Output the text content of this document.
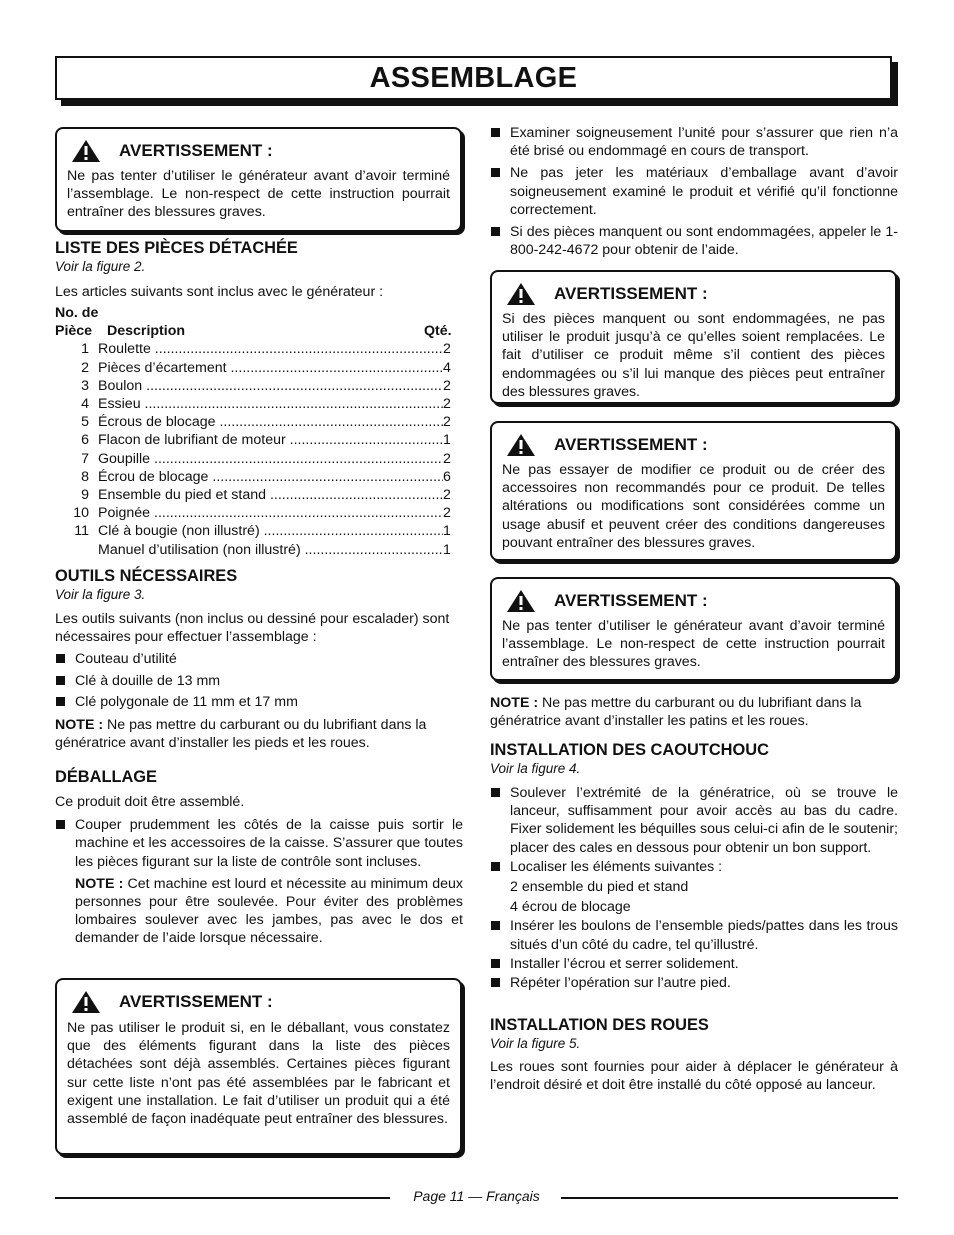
ASSEMBLAGE
AVERTISSEMENT :

Ne pas tenter d’utiliser le générateur avant d’avoir terminé l’assemblage. Le non-respect de cette instruction pourrait entraîner des blessures graves.

LISTE DES PIÈCES DÉTACHÉE
Voir la figure 2.

Les articles suivants sont inclus avec le générateur :

No. de
Pièce	Description	Qté.
1 Roulette .....	2
2 Pièces d’écartement .....	4
3 Boulon .....	2
4 Essieu .....	2
5 Écrous de blocage .....	2
6 Flacon de lubrifiant de moteur .....	1
7 Goupille .....	2
8 Écrou de blocage .....	6
9 Ensemble du pied et stand .....	2
10 Poignée .....	2
11 Clé à bougie (non illustré) .....	1
Manuel d’utilisation (non illustré) .....	1
OUTILS NÉCESSAIRES
Voir la figure 3.

Les outils suivants (non inclus ou dessiné pour escalader) sont nécessaires pour effectuer l’assemblage :

Couteau d’utilité
Clé à douille de 13 mm
Clé polygonale de 11 mm et 17 mm

NOTE : Ne pas mettre du carburant ou du lubrifiant dans la génératrice avant d’installer les pieds et les roues.

DÉBALLAGE

Ce produit doit être assemblé.

Couper prudemment les côtés de la caisse puis sortir le machine et les accessoires de la caisse. S’assurer que toutes les pièces figurant sur la liste de contrôle sont incluses.

NOTE : Cet machine est lourd et nécessite au minimum deux personnes pour être soulevée. Pour éviter des problèmes lombaires soulever avec les jambes, pas avec le dos et demander de l’aide lorsque nécessaire.

AVERTISSEMENT :

Ne pas utiliser le produit si, en le déballant, vous constatez que des éléments figurant dans la liste des pièces détachées sont déjà assemblés. Certaines pièces figurant sur cette liste n’ont pas été assemblées par le fabricant et exigent une installation. Le fait d’utiliser un produit qui a été assemblé de façon inadéquate peut entraîner des blessures.

Examiner soigneusement l’unité pour s’assurer que rien n’a été brisé ou endommagé en cours de transport.
Ne pas jeter les matériaux d’emballage avant d’avoir soigneusement examiné le produit et vérifié qu’il fonctionne correctement.
Si des pièces manquent ou sont endommagées, appeler le 1-800-242-4672 pour obtenir de l’aide.
AVERTISSEMENT :

Si des pièces manquent ou sont endommagées, ne pas utiliser le produit jusqu’à ce qu’elles soient remplacées. Le fait d’utiliser ce produit même s’il contient des pièces endommagées ou s’il lui manque des pièces peut entraîner des blessures graves.

AVERTISSEMENT :

Ne pas essayer de modifier ce produit ou de créer des accessoires non recommandés pour ce produit. De telles altérations ou modifications sont considérées comme un usage abusif et peuvent créer des conditions dangereuses pouvant entraîner des blessures graves.

AVERTISSEMENT :

Ne pas tenter d’utiliser le générateur avant d’avoir terminé l’assemblage. Le non-respect de cette instruction pourrait entraîner des blessures graves.

NOTE : Ne pas mettre du carburant ou du lubrifiant dans la génératrice avant d’installer les patins et les roues.

INSTALLATION DES CAOUTCHOUC
Voir la figure 4.
Soulever l’extrémité de la génératrice, où se trouve le lanceur, suffisamment pour avoir accès au bas du cadre. Fixer solidement les béquilles sous celui-ci afin de le soutenir; placer des cales en dessous pour obtenir un bon support.
Localiser les éléments suivantes :
2 ensemble du pied et stand
4 écrou de blocage
Insérer les boulons de l’ensemble pieds/pattes dans les trous situés d’un côté du cadre, tel qu’illustré.
Installer l’écrou et serrer solidement.
Répéter l’opération sur l’autre pied.
INSTALLATION DES ROUES
Voir la figure 5.

Les roues sont fournies pour aider à déplacer le générateur à l’endroit désiré et doit être installé du côté opposé au lanceur.

Page 11 — Français
